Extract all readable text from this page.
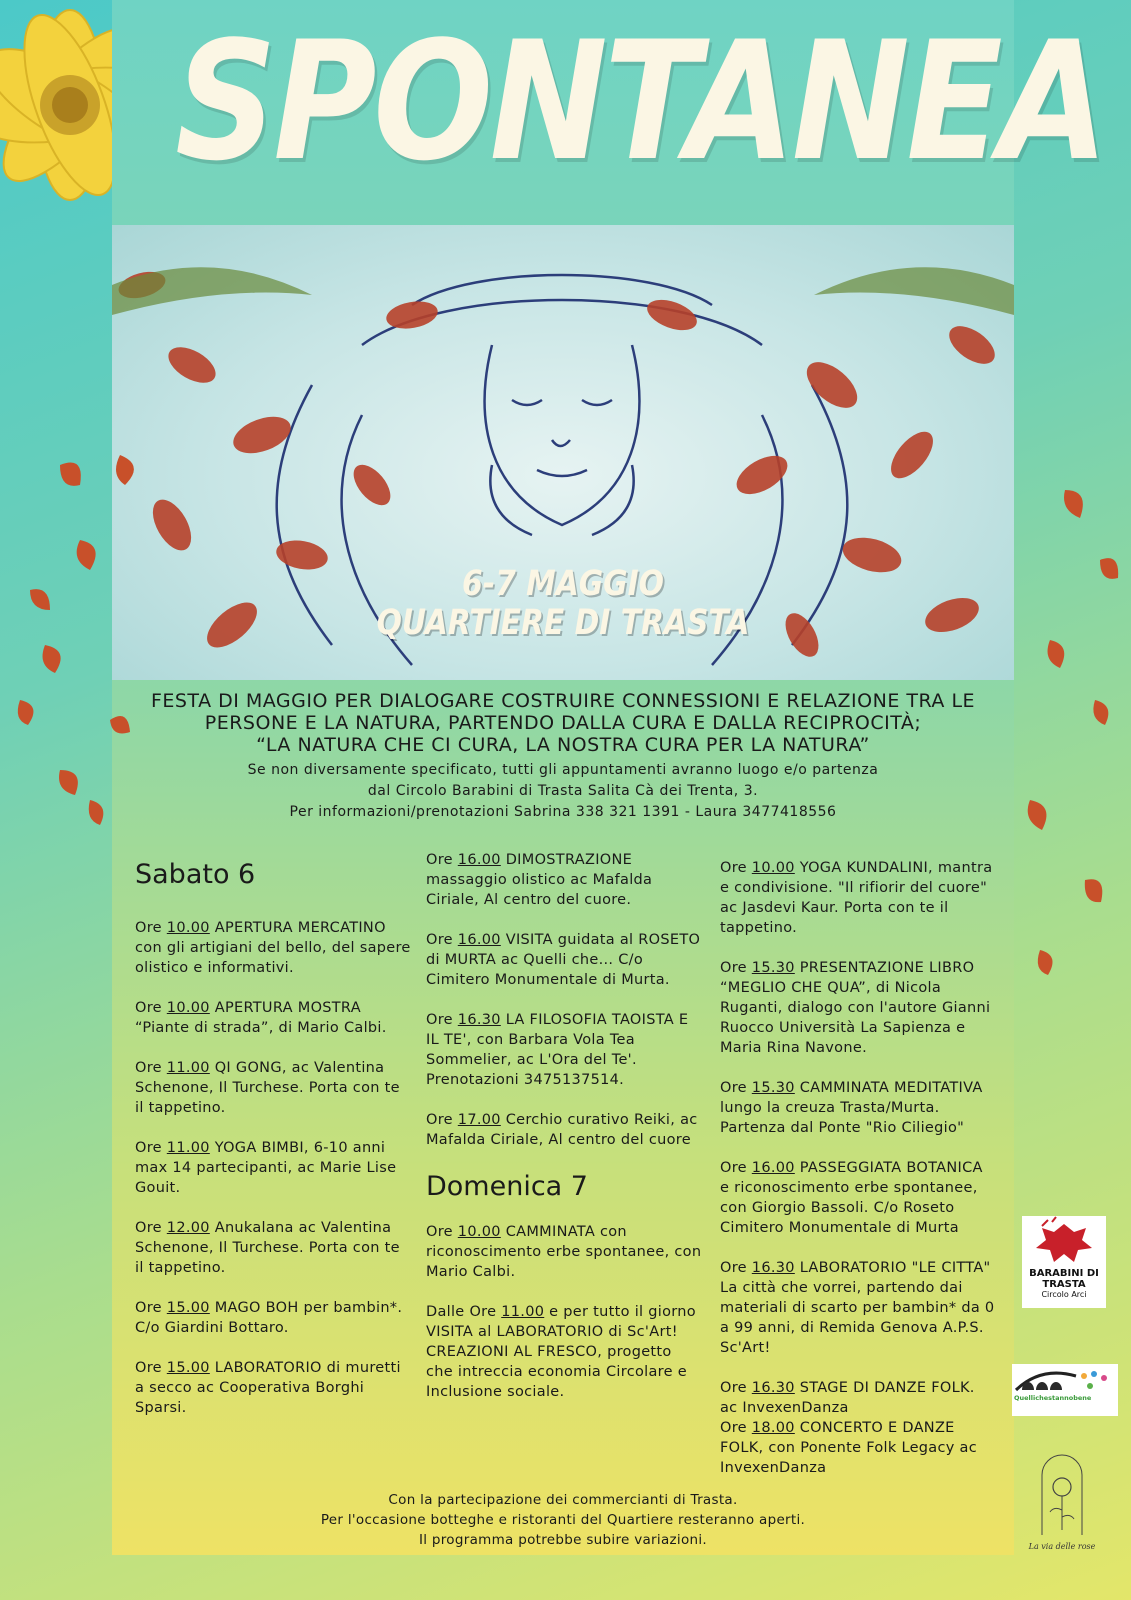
SPONTANEA
6-7 MAGGIO
QUARTIERE DI TRASTA
FESTA DI MAGGIO PER DIALOGARE COSTRUIRE CONNESSIONI E RELAZIONE TRA LE
PERSONE E LA NATURA, PARTENDO DALLA CURA E DALLA RECIPROCITÀ;
“LA NATURA CHE CI CURA, LA NOSTRA CURA PER LA NATURA”
Se non diversamente specificato, tutti gli appuntamenti avranno luogo e/o partenza
dal Circolo Barabini di Trasta Salita Cà dei Trenta, 3.
Per informazioni/prenotazioni Sabrina 338 321 1391 - Laura 3477418556
Sabato 6
Ore 10.00 APERTURA MERCATINO con gli artigiani del bello, del sapere olistico e informativi.
Ore 10.00 APERTURA MOSTRA “Piante di strada”, di Mario Calbi.
Ore 11.00 QI GONG, ac Valentina Schenone, Il Turchese. Porta con te il tappetino.
Ore 11.00 YOGA BIMBI, 6-10 anni max 14 partecipanti, ac Marie Lise Gouit.
Ore 12.00 Anukalana ac Valentina Schenone, Il Turchese. Porta con te il tappetino.
Ore 15.00 MAGO BOH per bambin*. C/o Giardini Bottaro.
Ore 15.00 LABORATORIO di muretti a secco ac Cooperativa Borghi Sparsi.
Ore 16.00 DIMOSTRAZIONE massaggio olistico ac Mafalda Ciriale, Al centro del cuore.
Ore 16.00 VISITA guidata al ROSETO di MURTA ac Quelli che... C/o Cimitero Monumentale di Murta.
Ore 16.30 LA FILOSOFIA TAOISTA E IL TE', con Barbara Vola Tea Sommelier, ac L'Ora del Te'. Prenotazioni 3475137514.
Ore 17.00 Cerchio curativo Reiki, ac Mafalda Ciriale, Al centro del cuore
Domenica 7
Ore 10.00 CAMMINATA con riconoscimento erbe spontanee, con Mario Calbi.
Dalle Ore 11.00 e per tutto il giorno VISITA al LABORATORIO di Sc'Art! CREAZIONI AL FRESCO, progetto che intreccia economia Circolare e Inclusione sociale.
Ore 10.00 YOGA KUNDALINI, mantra e condivisione. "Il rifiorir del cuore" ac Jasdevi Kaur. Porta con te il tappetino.
Ore 15.30 PRESENTAZIONE LIBRO “MEGLIO CHE QUA”, di Nicola Ruganti, dialogo con l'autore Gianni Ruocco Università La Sapienza e Maria Rina Navone.
Ore 15.30 CAMMINATA MEDITATIVA lungo la creuza Trasta/Murta. Partenza dal Ponte "Rio Ciliegio"
Ore 16.00 PASSEGGIATA BOTANICA e riconoscimento erbe spontanee, con Giorgio Bassoli. C/o Roseto Cimitero Monumentale di Murta
Ore 16.30 LABORATORIO "LE CITTA" La città che vorrei, partendo dai materiali di scarto per bambin* da 0 a 99 anni, di Remida Genova A.P.S. Sc'Art!
Ore 16.30 STAGE DI DANZE FOLK. ac InvexenDanza
Ore 18.00 CONCERTO E DANZE FOLK, con Ponente Folk Legacy ac InvexenDanza
Con la partecipazione dei commercianti di Trasta.
Per l'occasione botteghe e ristoranti del Quartiere resteranno aperti.
Il programma potrebbe subire variazioni.
BARABINI DI TRASTA
Circolo Arci
Quellichestannobene
La via delle rose
